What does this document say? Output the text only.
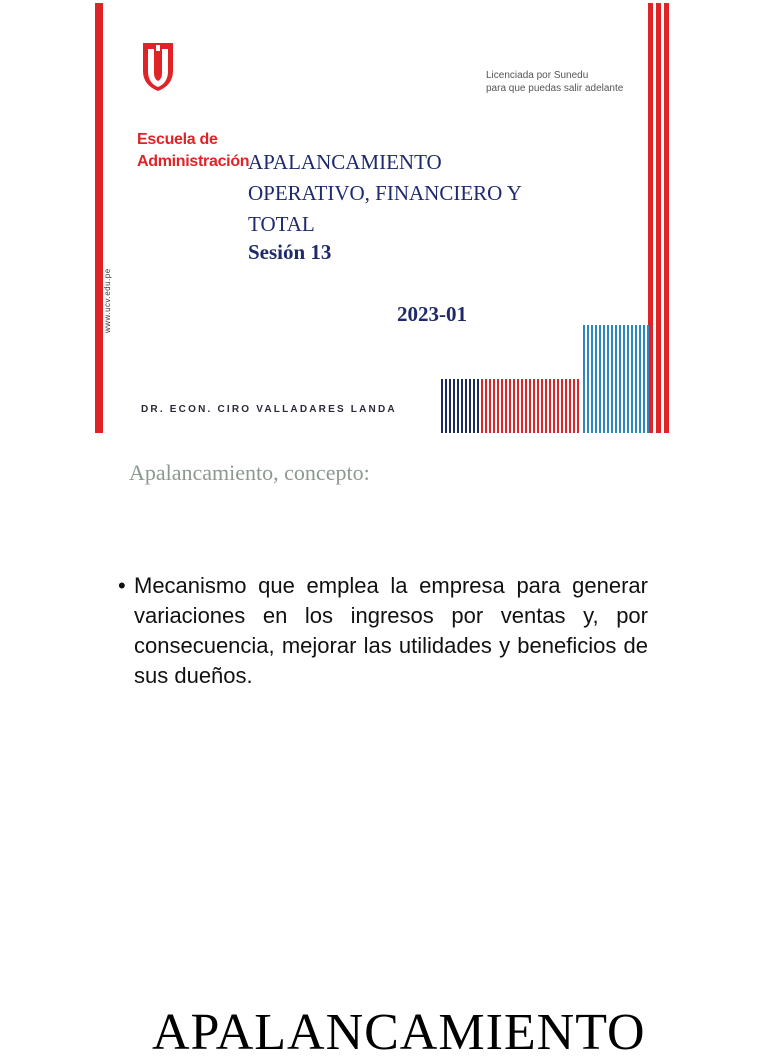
www.ucv.edu.pe
Licenciada por Sunedu
para que puedas salir adelante
Escuela de
Administración
APALANCAMIENTO
OPERATIVO, FINANCIERO Y
TOTAL
Sesión 13
2023-01
DR. ECON. CIRO VALLADARES LANDA
Apalancamiento, concepto:
• Mecanismo que emplea la empresa para generar variaciones en los ingresos por ventas y, por consecuencia, mejorar las utilidades y beneficios de sus dueños.
APALANCAMIENTO
